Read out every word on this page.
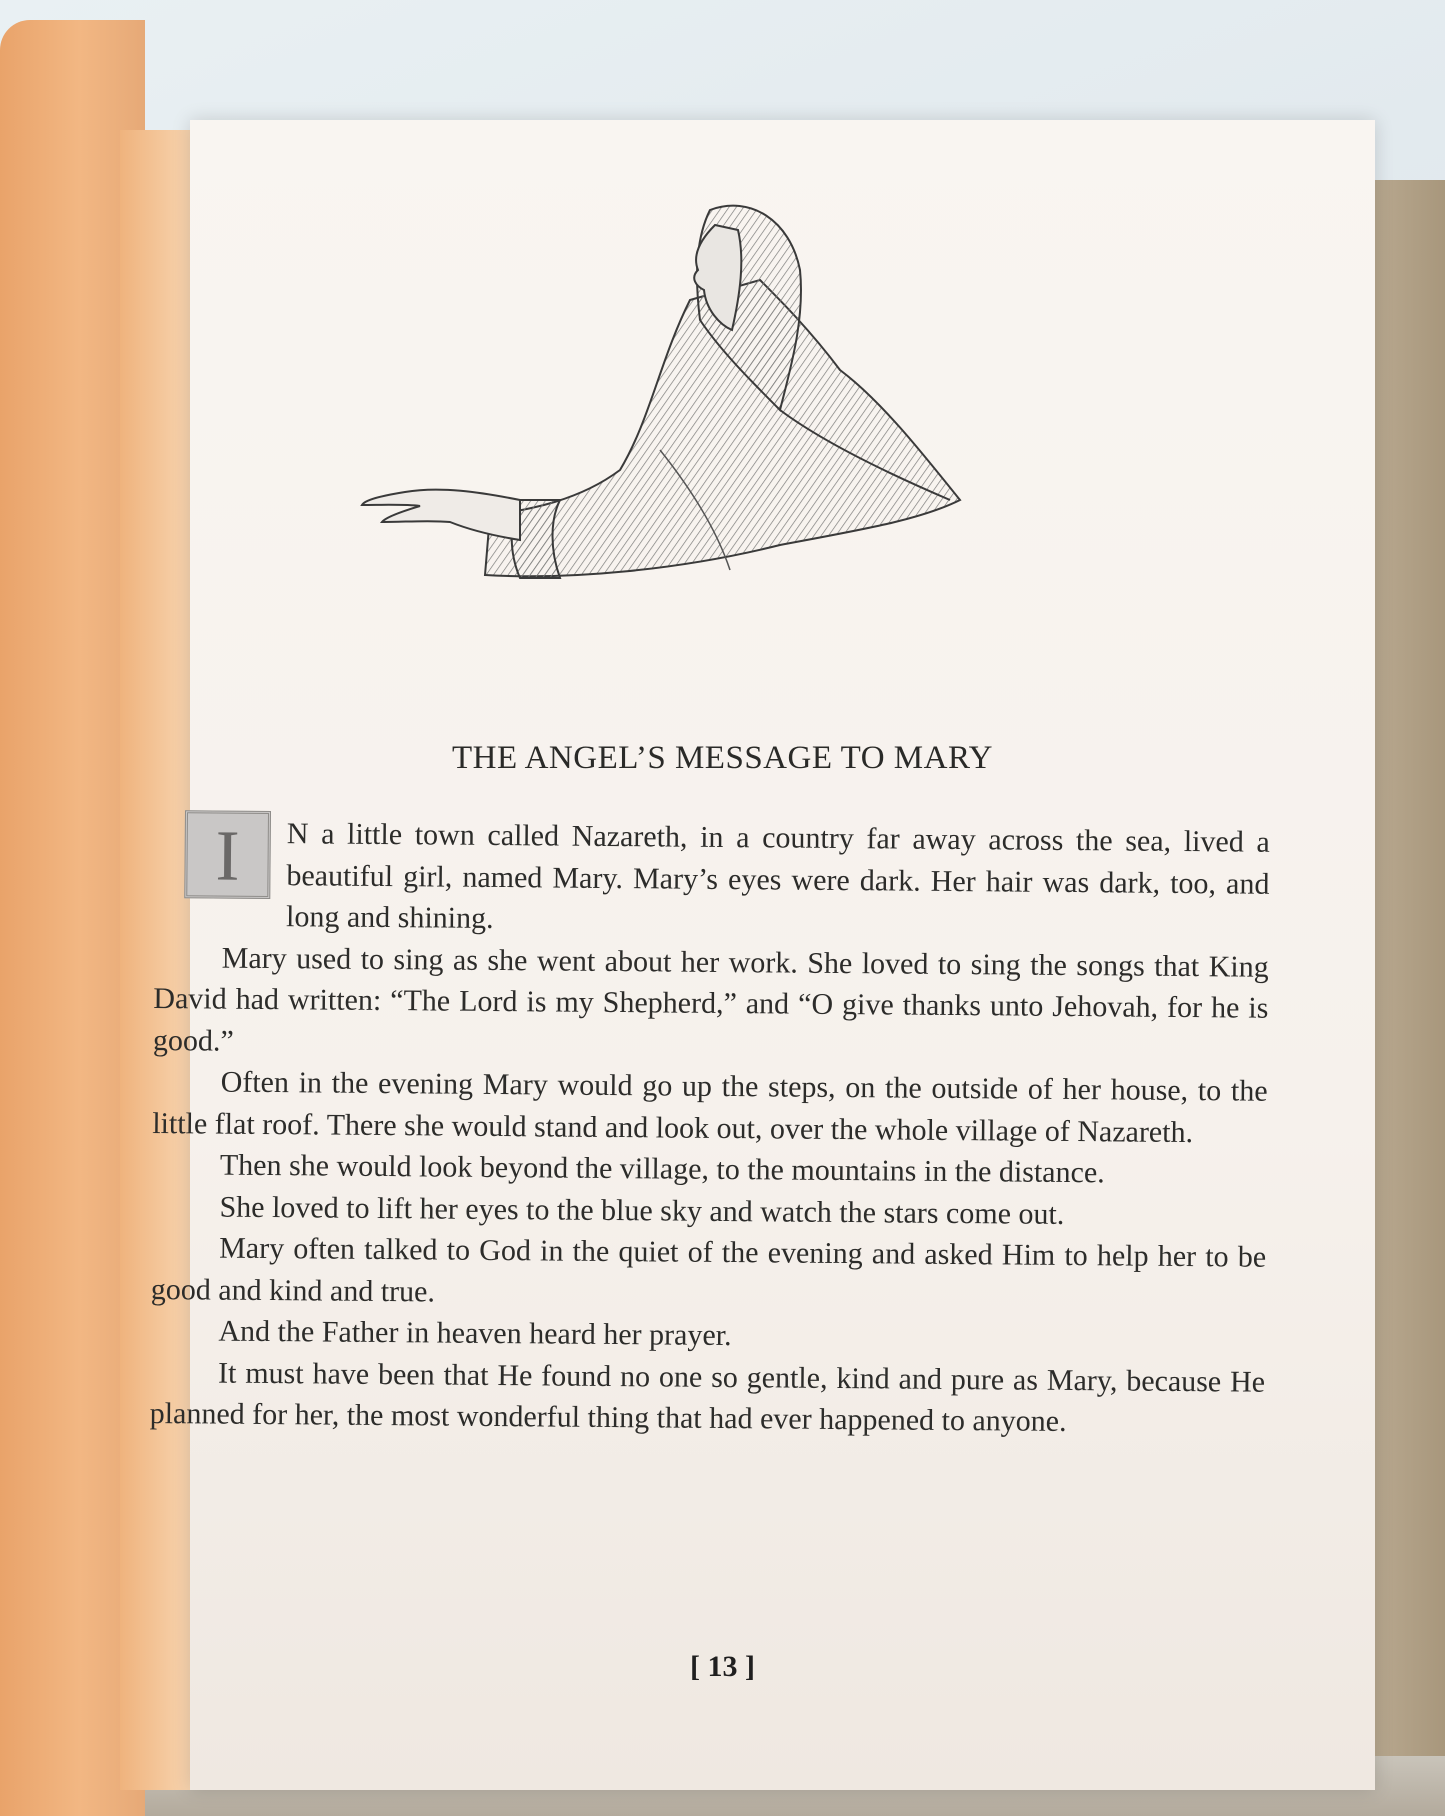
THE ANGEL’S MESSAGE TO MARY
I	N a little town called Nazareth, in a country far away across the sea, lived a beautiful girl, named Mary. Mary’s eyes were dark. Her hair was dark, too, and long and shining.

Mary used to sing as she went about her work. She loved to sing the songs that King David had written: “The Lord is my Shepherd,” and “O give thanks unto Jehovah, for he is good.”

Often in the evening Mary would go up the steps, on the outside of her house, to the little flat roof. There she would stand and look out, over the whole village of Nazareth.

Then she would look beyond the village, to the mountains in the distance.

She loved to lift her eyes to the blue sky and watch the stars come out.

Mary often talked to God in the quiet of the evening and asked Him to help her to be good and kind and true.

And the Father in heaven heard her prayer.

It must have been that He found no one so gentle, kind and pure as Mary, because He planned for her, the most wonderful thing that had ever happened to anyone.

[ 13 ]
